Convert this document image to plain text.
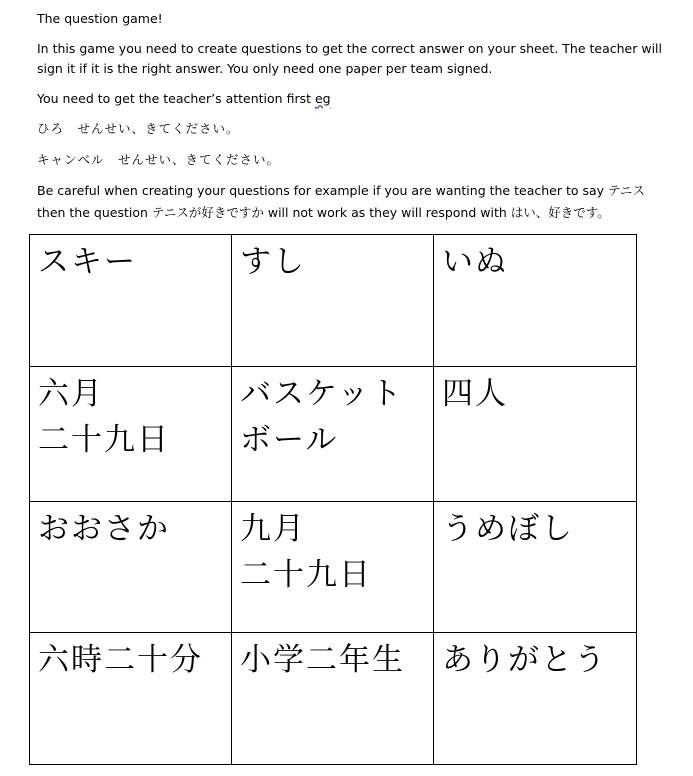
The question game!

In this game you need to create questions to get the correct answer on your sheet. The teacher will

sign it if it is the right answer. You only need one paper per team signed.

You need to get the teacher’s attention first eg

ひろ　せんせい、きてください。

キャンベル　せんせい、きてください。

Be careful when creating your questions for example if you are wanting the teacher to say テニス

then the question テニスが好きですか will not work as they will respond with はい、好きです。

スキー	すし	いぬ
六月
二十九日	バスケット
ボール	四人
おおさか	九月
二十九日	うめぼし
六時二十分	小学二年生	ありがとう
